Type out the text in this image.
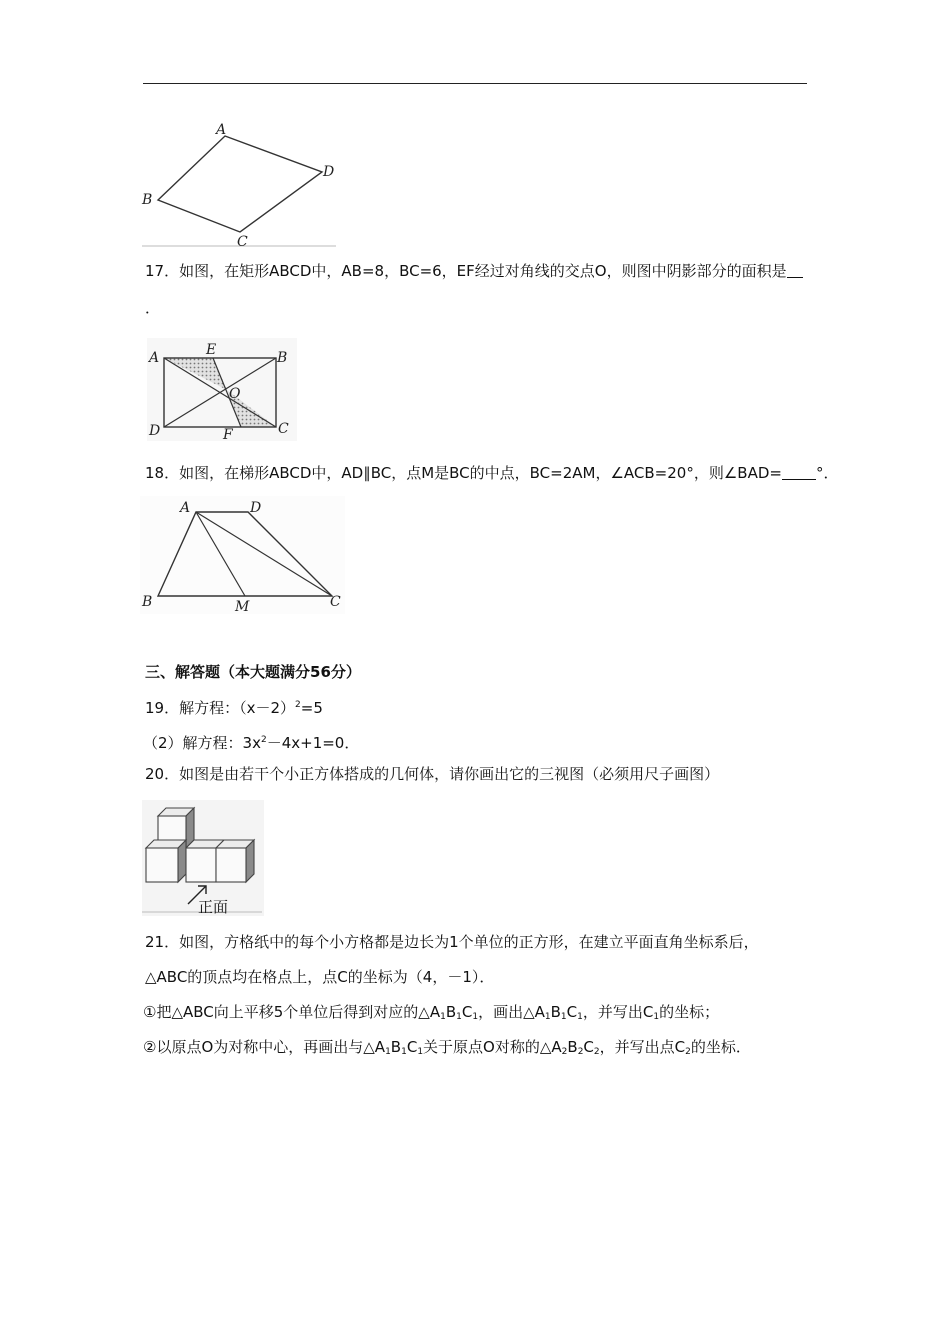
A
B
C
D
17．如图，在矩形ABCD中，AB=8，BC=6，EF经过对角线的交点O，则图中阴影部分的面积是
．
A	E	B
O
D	F	C
18．如图，在梯形ABCD中，AD∥BC，点M是BC的中点，BC=2AM，∠ACB=20°，则∠BAD= °．
A	D
B	M	C
三、解答题（本大题满分56分）
19．解方程：$(x-2)^2=5$
（2）解方程：$3x^2-4x+1=0$．
20．如图是由若干个小正方体搭成的几何体，请你画出它的三视图（必须用尺子画图）
正面
21．如图，方格纸中的每个小方格都是边长为1个单位的正方形，在建立平面直角坐标系后，
△ABC的顶点均在格点上，点C的坐标为（4，－1）．
①把△ABC向上平移5个单位后得到对应的$\triangle A_1B_1C_1$，画出$\triangle A_1B_1C_1$，并写出$C_1$的坐标；
②以原点O为对称中心，再画出与$\triangle A_1B_1C_1$关于原点O对称的$\triangle A_2B_2C_2$，并写出点$C_2$的坐标．
